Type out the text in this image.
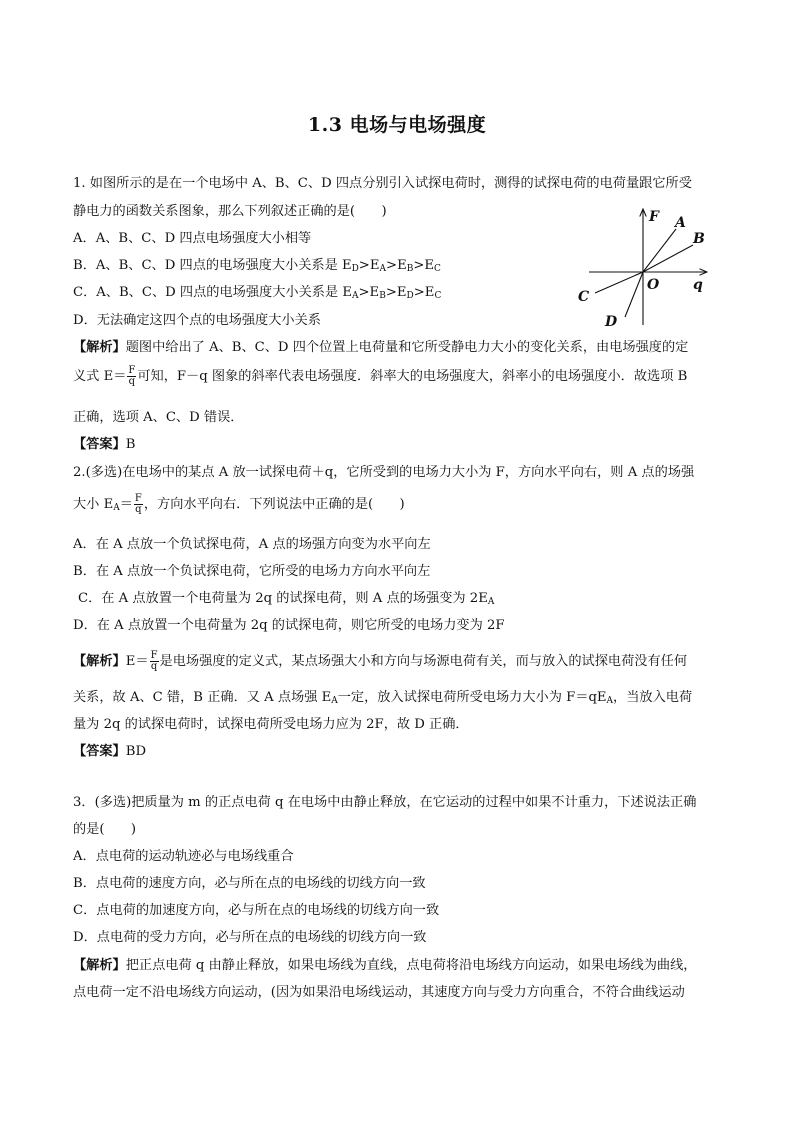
1.3 电场与电场强度
1. 如图所示的是在一个电场中 A、B、C、D 四点分别引入试探电荷时，测得的试探电荷的电荷量跟它所受
静电力的函数关系图象，那么下列叙述正确的是(　　)
A．A、B、C、D 四点电场强度大小相等
B．A、B、C、D 四点的电场强度大小关系是 $E_D>E_A>E_B>E_C$
C．A、B、C、D 四点的电场强度大小关系是 $E_A>E_B>E_D>E_C$
D．无法确定这四个点的电场强度大小关系
【解析】题图中给出了 A、B、C、D 四个位置上电荷量和它所受静电力大小的变化关系，由电场强度的定
义式 $E= \frac{F}{q}$ 可知，F－q 图象的斜率代表电场强度．斜率大的电场强度大，斜率小的电场强度小．故选项 B
正确，选项 A、C、D 错误．
【答案】B
F A
B
O q
C
D
2.(多选)在电场中的某点 A 放一试探电荷＋q，它所受到的电场力大小为 F，方向水平向右，则 A 点的场强
大小 $E_A= \frac{F}{q}$ ，方向水平向右．下列说法中正确的是(　　)
A．在 A 点放一个负试探电荷，A 点的场强方向变为水平向左
B．在 A 点放一个负试探电荷，它所受的电场力方向水平向左
C．在 A 点放置一个电荷量为 2q 的试探电荷，则 A 点的场强变为 $2E_A$
D．在 A 点放置一个电荷量为 2q 的试探电荷，则它所受的电场力变为 2F
【解析】$E= \frac{F}{q}$ 是电场强度的定义式，某点场强大小和方向与场源电荷有关，而与放入的试探电荷没有任何
关系，故 A、C 错，B 正确．又 A 点场强 $E_A$一定，放入试探电荷所受电场力大小为 $F=qE_A$，当放入电荷
量为 2q 的试探电荷时，试探电荷所受电场力应为 2F，故 D 正确．
【答案】BD
3．(多选)把质量为 m 的正点电荷 q 在电场中由静止释放，在它运动的过程中如果不计重力，下述说法正确
的是(　　)
A．点电荷的运动轨迹必与电场线重合
B．点电荷的速度方向，必与所在点的电场线的切线方向一致
C．点电荷的加速度方向，必与所在点的电场线的切线方向一致
D．点电荷的受力方向，必与所在点的电场线的切线方向一致
【解析】把正点电荷 q 由静止释放，如果电场线为直线，点电荷将沿电场线方向运动，如果电场线为曲线，
点电荷一定不沿电场线方向运动，(因为如果沿电场线运动，其速度方向与受力方向重合，不符合曲线运动
